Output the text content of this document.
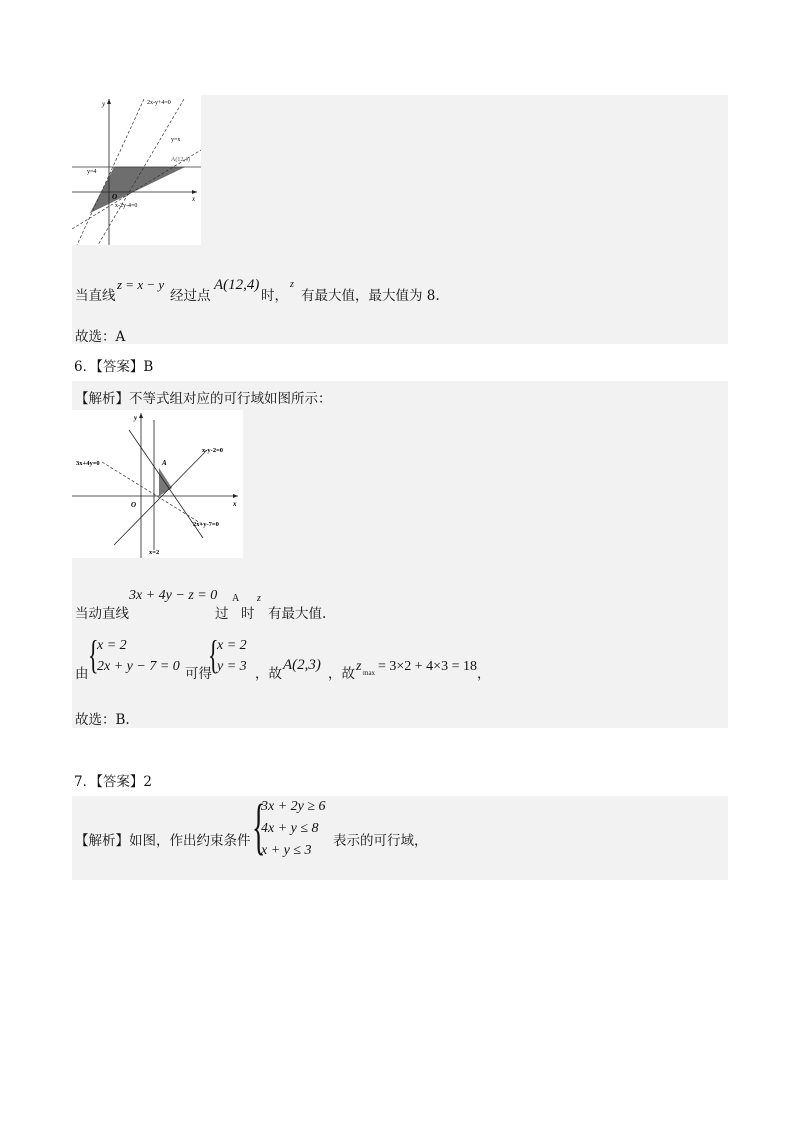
y
x
O
2x-y+4=0
y=x
A(12,4)
y=4
x-2y-4=0
当直线
z = x − y
经过点
A(12,4)
时，
z
有最大值，最大值为 8.
故选：A
6．【答案】B
【解析】不等式组对应的可行域如图所示：
y
x
O
A
x-y-2=0
3x+4y=0
2x+y-7=0
x=2
当动直线
3x + 4y − z = 0
过
A
时
z
有最大值.
由 {
x = 2
2x + y − 7 = 0 可得
{
x = 2
y = 3 ，故
A(2,3)
，故 z max = 3×2 + 4×3 = 18 ，
故选：B.
7．【答案】2
【解析】如图，作出约束条件 {
3x + 2y ≥ 6
4x + y ≤ 8
x + y ≤ 3
表示的可行域，
